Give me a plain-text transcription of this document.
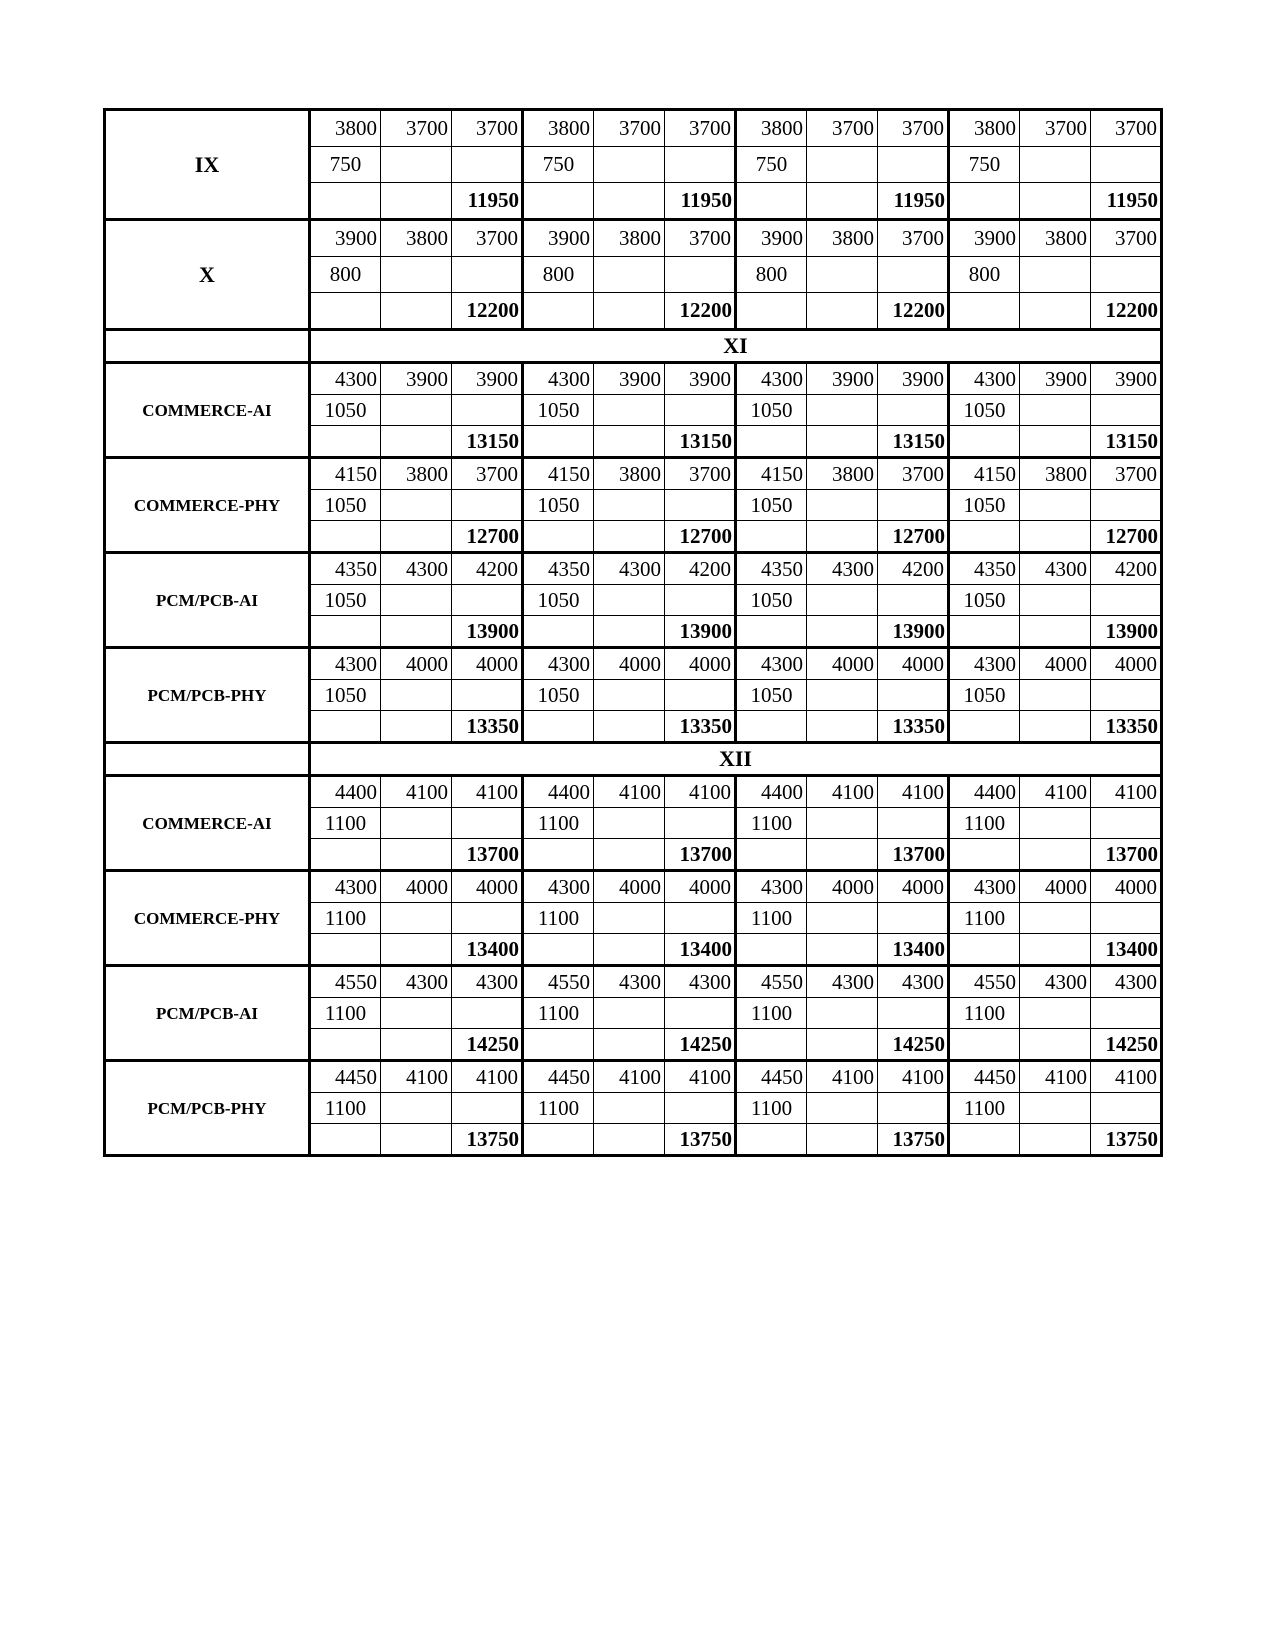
IX	3800	3700	3700	3800	3700	3700	3800	3700	3700	3800	3700	3700
	750			750			750			750		
			11950			11950			11950			11950
X	3900	3800	3700	3900	3800	3700	3900	3800	3700	3900	3800	3700
	800			800			800			800		
			12200			12200			12200			12200
	XI											
COMMERCE-AI	4300	3900	3900	4300	3900	3900	4300	3900	3900	4300	3900	3900
	1050			1050			1050			1050		
			13150			13150			13150			13150
COMMERCE-PHY	4150	3800	3700	4150	3800	3700	4150	3800	3700	4150	3800	3700
	1050			1050			1050			1050		
			12700			12700			12700			12700
PCM/PCB-AI	4350	4300	4200	4350	4300	4200	4350	4300	4200	4350	4300	4200
	1050			1050			1050			1050		
			13900			13900			13900			13900
PCM/PCB-PHY	4300	4000	4000	4300	4000	4000	4300	4000	4000	4300	4000	4000
	1050			1050			1050			1050		
			13350			13350			13350			13350
	XII											
COMMERCE-AI	4400	4100	4100	4400	4100	4100	4400	4100	4100	4400	4100	4100
	1100			1100			1100			1100		
			13700			13700			13700			13700
COMMERCE-PHY	4300	4000	4000	4300	4000	4000	4300	4000	4000	4300	4000	4000
	1100			1100			1100			1100		
			13400			13400			13400			13400
PCM/PCB-AI	4550	4300	4300	4550	4300	4300	4550	4300	4300	4550	4300	4300
	1100			1100			1100			1100		
			14250			14250			14250			14250
PCM/PCB-PHY	4450	4100	4100	4450	4100	4100	4450	4100	4100	4450	4100	4100
	1100			1100			1100			1100		
			13750			13750			13750			13750
